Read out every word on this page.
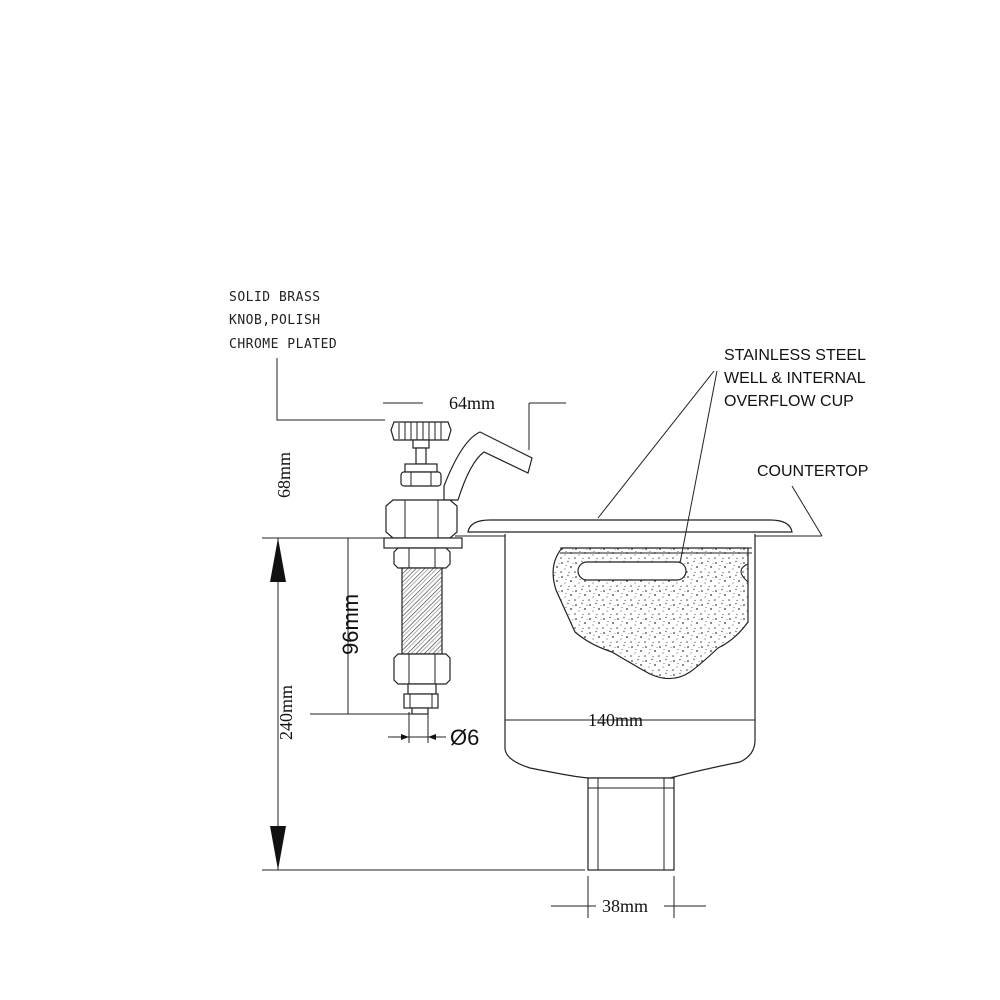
SOLID BRASS
KNOB,POLISH
CHROME PLATED
64mm
68mm
240mm
96mm
Ø6
STAINLESS STEEL
WELL & INTERNAL
OVERFLOW CUP
COUNTERTOP
140mm
38mm
